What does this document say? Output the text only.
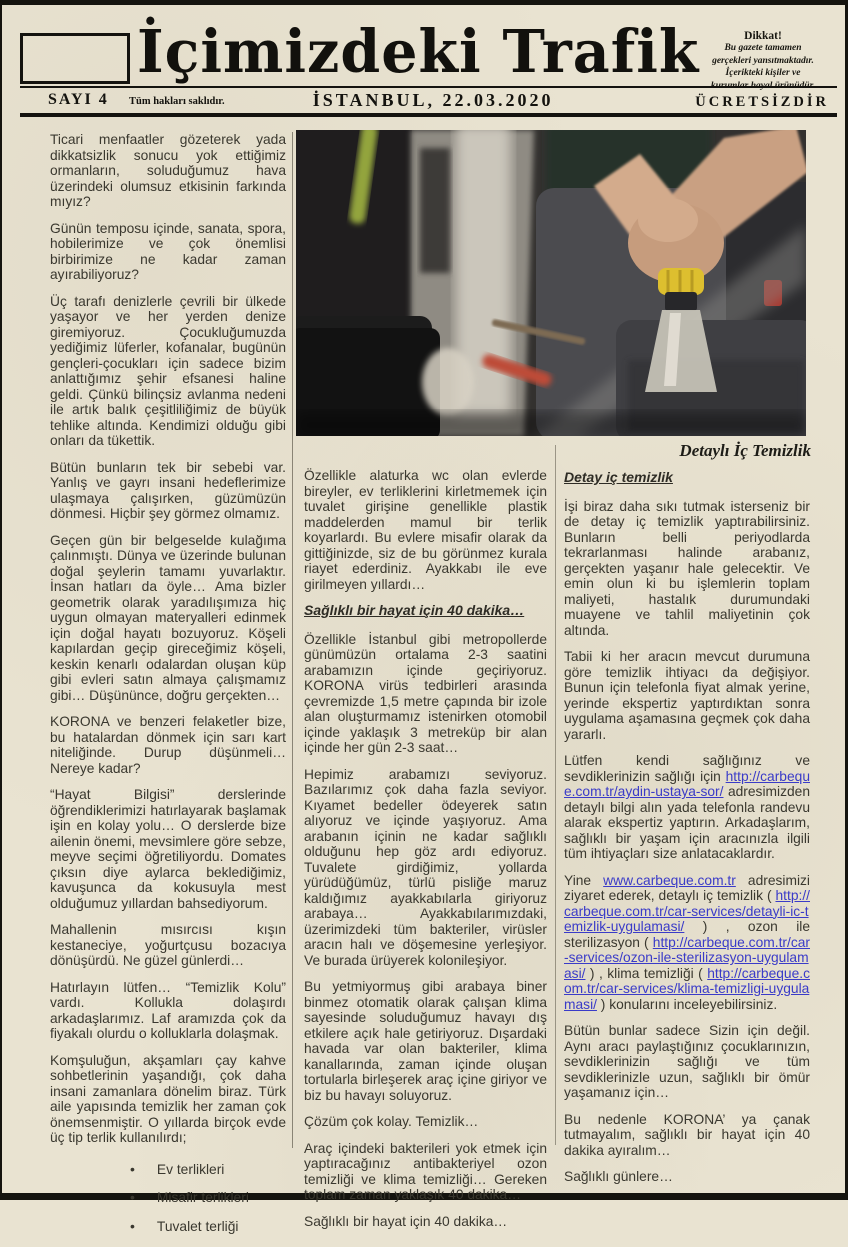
İçimizdeki Trafik	Dikkat!
Bu gazete tamamen
gerçekleri yansıtmaktadır.
İçerikteki kişiler ve
SAYI 4 Tüm hakları saklıdır.	İSTANBUL, 22.03.2020	ÜCRETSİZDİR
Detaylı İç Temizlik

Ticari menfaatler gözeterek yada dikkatsizlik sonucu yok ettiğimiz ormanların, soluduğumuz hava üzerindeki olumsuz etkisinin farkında mıyız?

Günün temposu içinde, sanata, spora, hobilerimize ve çok önemlisi birbirimize ne kadar zaman ayırabiliyoruz?

Üç tarafı denizlerle çevrili bir ülkede yaşayor ve her yerden denize giremiyoruz. Çocukluğumuzda yediğimiz lüferler, kofanalar, bugünün gençleri-çocukları için sadece bizim anlattığımız şehir efsanesi haline geldi. Çünkü bilinçsiz avlanma nedeni ile artık balık çeşitliliğimiz de büyük tehlike altında. Kendimizi olduğu gibi onları da tükettik.

Bütün bunların tek bir sebebi var. Yanlış ve gayrı insani hedeflerimize ulaşmaya çalışırken, güzümüzün dönmesi. Hiçbir şey görmez olmamız.

Geçen gün bir belgeselde kulağıma çalınmıştı. Dünya ve üzerinde bulunan doğal şeylerin tamamı yuvarlaktır. İnsan hatları da öyle… Ama bizler geometrik olarak yaradılışımıza hiç uygun olmayan materyalleri edinmek için doğal hayatı bozuyoruz. Köşeli kapılardan geçip gireceğimiz köşeli, keskin kenarlı odalardan oluşan küp gibi evleri satın almaya çalışmamız gibi… Düşününce, doğru gerçekten…

KORONA ve benzeri felaketler bize, bu hatalardan dönmek için sarı kart niteliğinde. Durup düşünmeli… Nereye kadar?

“Hayat Bilgisi” derslerinde öğrendiklerimizi hatırlayarak başlamak işin en kolay yolu… O derslerde bize ailenin önemi, mevsimlere göre sebze, meyve seçimi öğretiliyordu. Domates çıksın diye aylarca beklediğimiz, kavuşunca da kokusuyla mest olduğumuz yıllardan bahsediyorum.

Mahallenin mısırcısı kışın kestaneciye, yoğurtçusu bozacıya dönüşürdü. Ne güzel günlerdi…

Hatırlayın lütfen… “Temizlik Kolu” vardı. Kollukla dolaşırdı arkadaşlarımız. Laf aramızda çok da fiyakalı olurdu o kolluklarla dolaşmak.

Komşuluğun, akşamları çay kahve sohbetlerinin yaşandığı, çok daha insani zamanlara dönelim biraz. Türk aile yapısında temizlik her zaman çok önemsenmiştir. O yıllarda birçok evde üç tip terlik kullanılırdı;

• Ev terlikleri
• Misafir terlikleri
• Tuvalet terliği

Özellikle alaturka wc olan evlerde bireyler, ev terliklerini kirletmemek için tuvalet girişine genellikle plastik maddelerden mamul bir terlik koyarlardı. Bu evlere misafir olarak da gittiğinizde, siz de bu görünmez kurala riayet ederdiniz. Ayakkabı ile eve girilmeyen yıllardı…

Sağlıklı bir hayat için 40 dakika…

Özellikle İstanbul gibi metropollerde günümüzün ortalama 2-3 saatini arabamızın içinde geçiriyoruz. KORONA virüs tedbirleri arasında çevremizde 1,5 metre çapında bir izole alan oluşturmamız istenirken otomobil içinde yaklaşık 3 metreküp bir alan içinde her gün 2-3 saat…

Hepimiz arabamızı seviyoruz. Bazılarımız çok daha fazla seviyor. Kıyamet bedeller ödeyerek satın alıyoruz ve içinde yaşıyoruz. Ama arabanın içinin ne kadar sağlıklı olduğunu hep göz ardı ediyoruz. Tuvalete girdiğimiz, yollarda yürüdüğümüz, türlü pisliğe maruz kaldığımız ayakkabılarla giriyoruz arabaya… Ayakkabılarımızdaki, üzerimizdeki tüm bakteriler, virüsler aracın halı ve döşemesine yerleşiyor. Ve burada ürüyerek kolonileşiyor.

Bu yetmiyormuş gibi arabaya biner binmez otomatik olarak çalışan klima sayesinde soluduğumuz havayı dış etkilere açık hale getiriyoruz. Dışardaki havada var olan bakteriler, klima kanallarında, zaman içinde oluşan tortularla birleşerek araç içine giriyor ve biz bu havayı soluyoruz.

Çözüm çok kolay. Temizlik…

Araç içindeki bakterileri yok etmek için yaptıracağınız antibakteriyel ozon temizliği ve klima temizliği… Gereken toplam zaman yaklaşık 40 dakika…

Sağlıklı bir hayat için 40 dakika…

Detay iç temizlik

İşi biraz daha sıkı tutmak isterseniz bir de detay iç temizlik yaptırabilirsiniz. Bunların belli periyodlarda tekrarlanması halinde arabanız, gerçekten yaşanır hale gelecektir. Ve emin olun ki bu işlemlerin toplam maliyeti, hastalık durumundaki muayene ve tahlil maliyetinin çok altında.

Tabii ki her aracın mevcut durumuna göre temizlik ihtiyacı da değişiyor. Bunun için telefonla fiyat almak yerine, yerinde ekspertiz yaptırdıktan sonra uygulama aşamasına geçmek çok daha yararlı.

Lütfen kendi sağlığınız ve sevdiklerinizin sağlığı için http://carbeque.com.tr/aydin-ustaya-sor/ adresimizden detaylı bilgi alın yada telefonla randevu alarak ekspertiz yaptırın. Arkadaşlarım, sağlıklı bir yaşam için aracınızla ilgili tüm ihtiyaçları size anlatacaklardır.

Yine www.carbeque.com.tr adresimizi ziyaret ederek, detaylı iç temizlik ( http://carbeque.com.tr/car-services/detayli-ic-temizlik-uygulamasi/ ) , ozon ile sterilizasyon ( http://carbeque.com.tr/car-services/ozon-ile-sterilizasyon-uygulamasi/ ) , klima temizliği ( http://carbeque.com.tr/car-services/klima-temizligi-uygulamasi/ ) konularını inceleyebilirsiniz.

Bütün bunlar sadece Sizin için değil. Aynı aracı paylaştığınız çocuklarınızın, sevdiklerinizin sağlığı ve tüm sevdiklerinizle uzun, sağlıklı bir ömür yaşamanız için…

Bu nedenle KORONA’ ya çanak tutmayalım, sağlıklı bir hayat için 40 dakika ayıralım…

Sağlıklı günlere…
